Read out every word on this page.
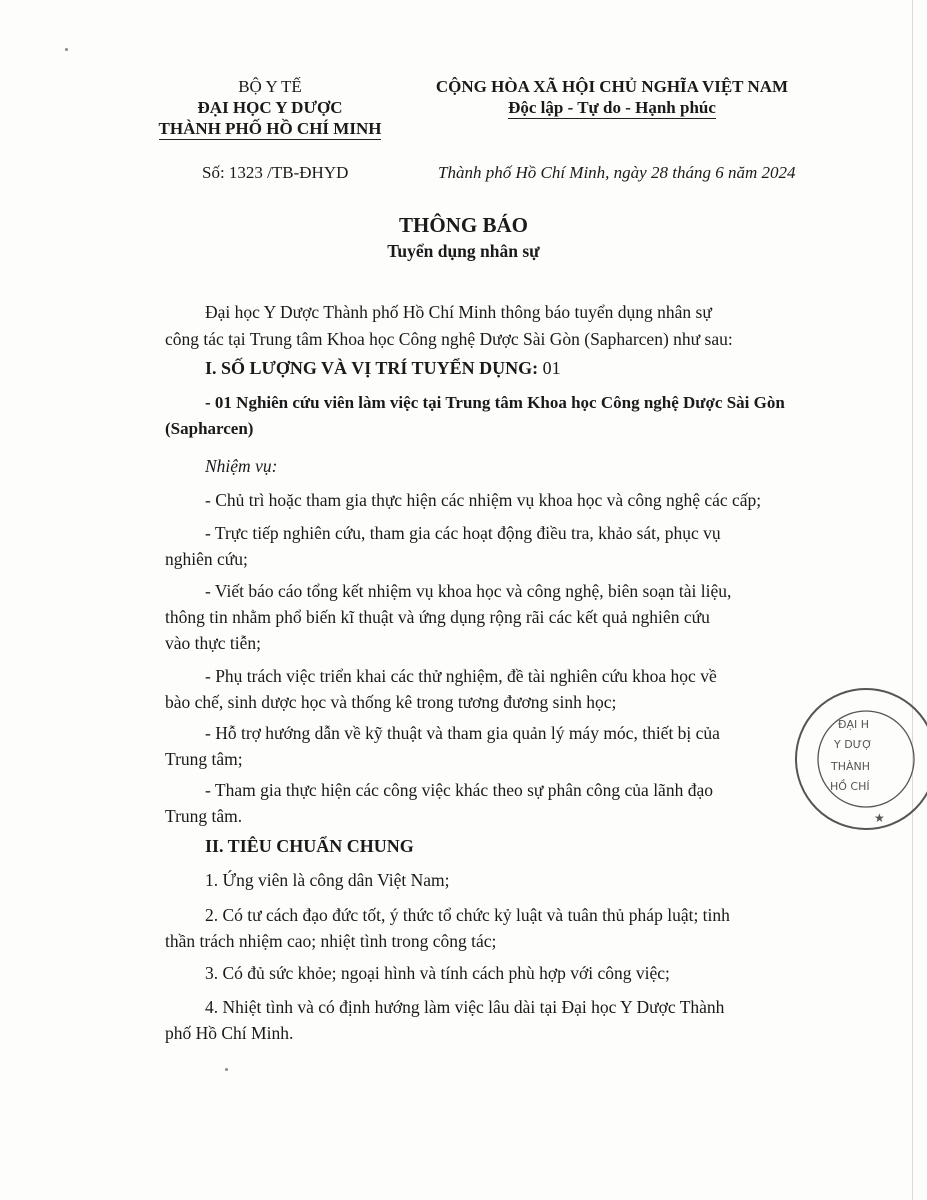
BỘ Y TẾ
ĐẠI HỌC Y DƯỢC
THÀNH PHỐ HỒ CHÍ MINH
CỘNG HÒA XÃ HỘI CHỦ NGHĨA VIỆT NAM
Độc lập - Tự do - Hạnh phúc
Số: 1323 /TB-ĐHYD	Thành phố Hồ Chí Minh, ngày 28 tháng 6 năm 2024
THÔNG BÁO
Tuyển dụng nhân sự
Đại học Y Dược Thành phố Hồ Chí Minh thông báo tuyển dụng nhân sự
công tác tại Trung tâm Khoa học Công nghệ Dược Sài Gòn (Sapharcen) như sau:
I. SỐ LƯỢNG VÀ VỊ TRÍ TUYỂN DỤNG: 01
- 01 Nghiên cứu viên làm việc tại Trung tâm Khoa học Công nghệ Dược Sài Gòn
(Sapharcen)
Nhiệm vụ:
- Chủ trì hoặc tham gia thực hiện các nhiệm vụ khoa học và công nghệ các cấp;
- Trực tiếp nghiên cứu, tham gia các hoạt động điều tra, khảo sát, phục vụ
nghiên cứu;
- Viết báo cáo tổng kết nhiệm vụ khoa học và công nghệ, biên soạn tài liệu,
thông tin nhằm phổ biến kĩ thuật và ứng dụng rộng rãi các kết quả nghiên cứu
vào thực tiễn;
- Phụ trách việc triển khai các thử nghiệm, đề tài nghiên cứu khoa học về
bào chế, sinh dược học và thống kê trong tương đương sinh học;
- Hỗ trợ hướng dẫn về kỹ thuật và tham gia quản lý máy móc, thiết bị của
Trung tâm;
- Tham gia thực hiện các công việc khác theo sự phân công của lãnh đạo
Trung tâm.
II. TIÊU CHUẨN CHUNG
1. Ứng viên là công dân Việt Nam;
2. Có tư cách đạo đức tốt, ý thức tổ chức kỷ luật và tuân thủ pháp luật; tinh
thần trách nhiệm cao; nhiệt tình trong công tác;
3. Có đủ sức khỏe; ngoại hình và tính cách phù hợp với công việc;
4. Nhiệt tình và có định hướng làm việc lâu dài tại Đại học Y Dược Thành
phố Hồ Chí Minh.
ĐẠI H
Y DƯỢ
THÀNH
HỒ CHÍ
★
